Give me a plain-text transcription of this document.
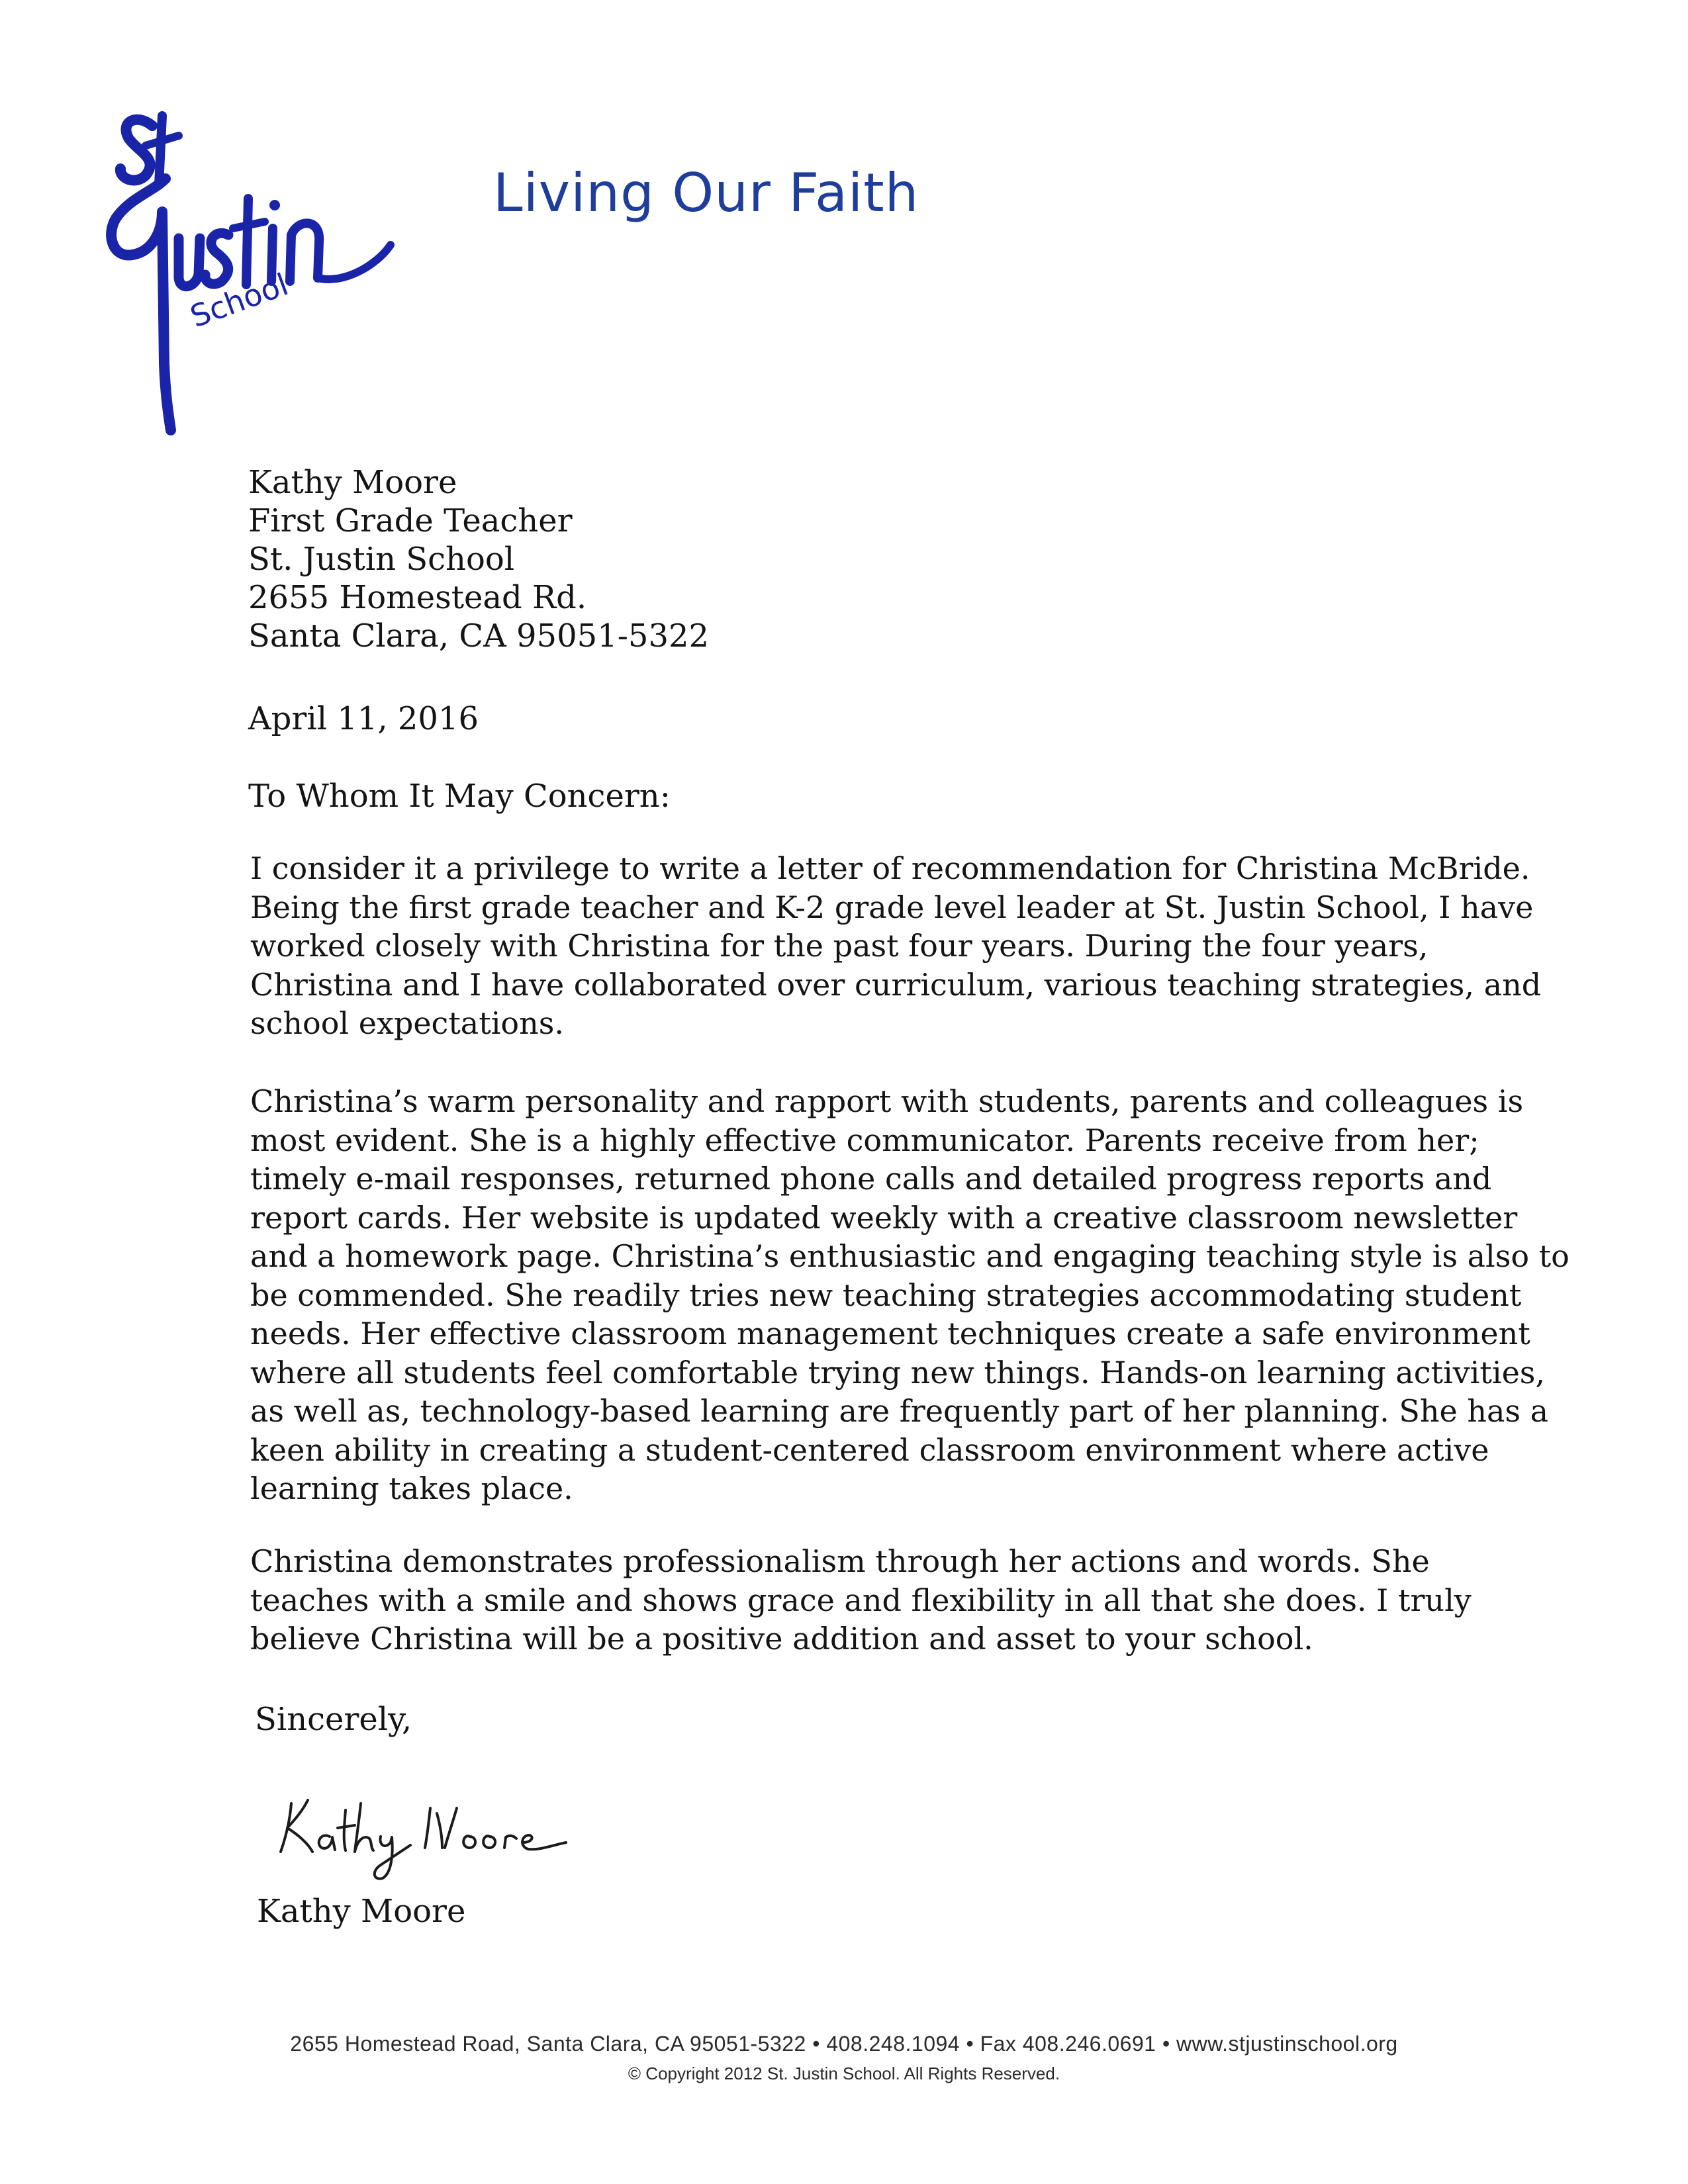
School
Living Our Faith
Kathy Moore
First Grade Teacher
St. Justin School
2655 Homestead Rd.
Santa Clara, CA 95051-5322
April 11, 2016
To Whom It May Concern:
I consider it a privilege to write a letter of recommendation for Christina McBride.
Being the first grade teacher and K-2 grade level leader at St. Justin School, I have
worked closely with Christina for the past four years. During the four years,
Christina and I have collaborated over curriculum, various teaching strategies, and
school expectations.
Christina’s warm personality and rapport with students, parents and colleagues is
most evident. She is a highly effective communicator. Parents receive from her;
timely e-mail responses, returned phone calls and detailed progress reports and
report cards. Her website is updated weekly with a creative classroom newsletter
and a homework page. Christina’s enthusiastic and engaging teaching style is also to
be commended. She readily tries new teaching strategies accommodating student
needs. Her effective classroom management techniques create a safe environment
where all students feel comfortable trying new things. Hands-on learning activities,
as well as, technology-based learning are frequently part of her planning. She has a
keen ability in creating a student-centered classroom environment where active
learning takes place.
Christina demonstrates professionalism through her actions and words. She
teaches with a smile and shows grace and flexibility in all that she does. I truly
believe Christina will be a positive addition and asset to your school.
Sincerely,
Kathy Moore
2655 Homestead Road, Santa Clara, CA 95051-5322 • 408.248.1094 • Fax 408.246.0691 • www.stjustinschool.org
© Copyright 2012 St. Justin School. All Rights Reserved.
